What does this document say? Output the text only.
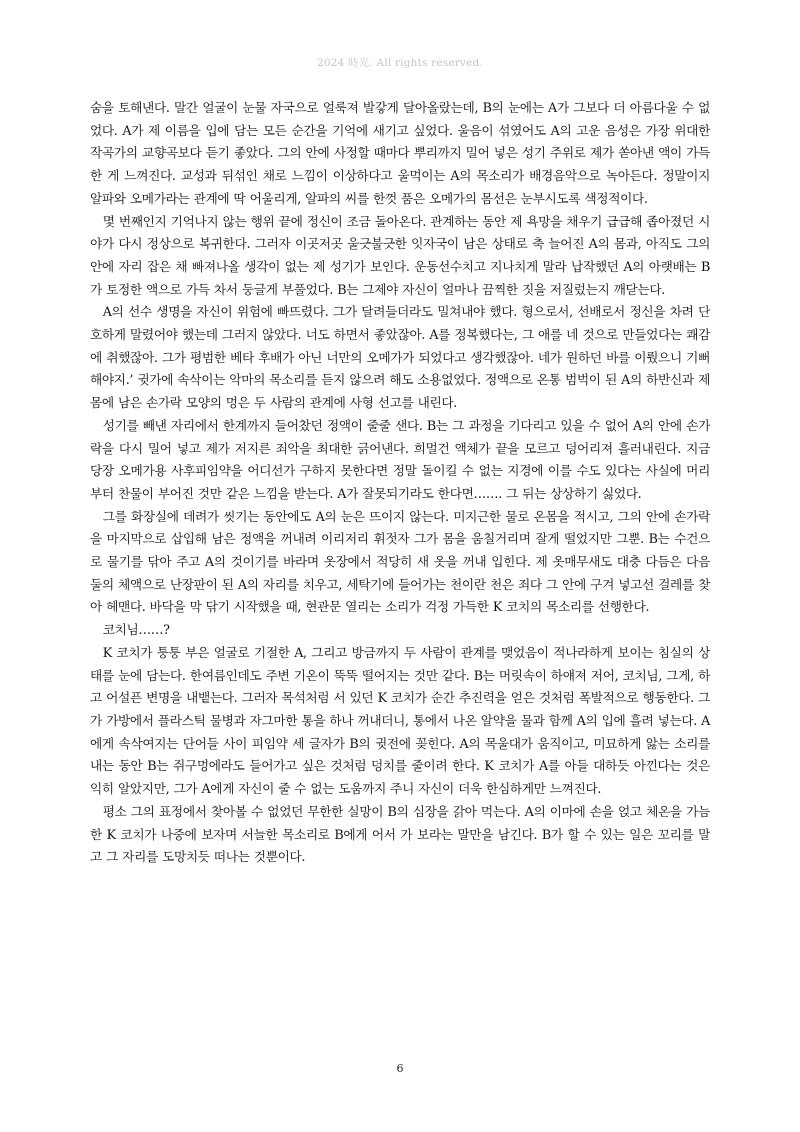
2024 時光. All rights reserved.

숨을 토해낸다. 말간 얼굴이 눈물 자국으로 얼룩져 발갛게 달아올랐는데, B의 눈에는 A가 그보다 더 아름다울 수 없었다. A가 제 이름을 입에 담는 모든 순간을 기억에 새기고 싶었다. 울음이 섞였어도 A의 고운 음성은 가장 위대한 작곡가의 교향곡보다 듣기 좋았다. 그의 안에 사정할 때마다 뿌리까지 밀어 넣은 성기 주위로 제가 쏟아낸 액이 가득 한 게 느껴진다. 교성과 뒤섞인 채로 느낌이 이상하다고 울먹이는 A의 목소리가 배경음악으로 녹아든다. 정말이지 알파와 오메가라는 관계에 딱 어울리게, 알파의 씨를 한껏 품은 오메가의 몸선은 눈부시도록 색정적이다.

몇 번째인지 기억나지 않는 행위 끝에 정신이 조금 돌아온다. 관계하는 동안 제 욕망을 채우기 급급해 좁아졌던 시야가 다시 정상으로 복귀한다. 그러자 이곳저곳 울긋불긋한 잇자국이 남은 상태로 축 늘어진 A의 몸과, 아직도 그의 안에 자리 잡은 채 빠져나올 생각이 없는 제 성기가 보인다. 운동선수치고 지나치게 말라 납작했던 A의 아랫배는 B가 토정한 액으로 가득 차서 둥글게 부풀었다. B는 그제야 자신이 얼마나 끔찍한 짓을 저질렀는지 깨닫는다.

A의 선수 생명을 자신이 위험에 빠뜨렸다. 그가 달려들더라도 밀쳐내야 했다. 형으로서, 선배로서 정신을 차려 단호하게 말렸어야 했는데 그러지 않았다. 너도 하면서 좋았잖아. A를 정복했다는, 그 애를 네 것으로 만들었다는 쾌감에 취했잖아. 그가 평범한 베타 후배가 아닌 너만의 오메가가 되었다고 생각했잖아. 네가 원하던 바를 이뤘으니 기뻐해야지.’ 귓가에 속삭이는 악마의 목소리를 듣지 않으려 해도 소용없었다. 정액으로 온통 범벅이 된 A의 하반신과 제 몸에 남은 손가락 모양의 멍은 두 사람의 관계에 사형 선고를 내린다.

성기를 빼낸 자리에서 한계까지 들어찼던 정액이 줄줄 샌다. B는 그 과정을 기다리고 있을 수 없어 A의 안에 손가락을 다시 밀어 넣고 제가 저지른 죄악을 최대한 긁어낸다. 희멀건 액체가 끝을 모르고 덩어리져 흘러내린다. 지금 당장 오메가용 사후피임약을 어디선가 구하지 못한다면 정말 돌이킬 수 없는 지경에 이를 수도 있다는 사실에 머리부터 찬물이 부어진 것만 같은 느낌을 받는다. A가 잘못되기라도 한다면……. 그 뒤는 상상하기 싫었다.

그를 화장실에 데려가 씻기는 동안에도 A의 눈은 뜨이지 않는다. 미지근한 물로 온몸을 적시고, 그의 안에 손가락을 마지막으로 삽입해 남은 정액을 꺼내려 이리저리 휘젓자 그가 몸을 움칠거리며 잘게 떨었지만 그뿐. B는 수건으로 물기를 닦아 주고 A의 것이기를 바라며 옷장에서 적당히 새 옷을 꺼내 입힌다. 제 옷매무새도 대충 다듬은 다음 둘의 체액으로 난장판이 된 A의 자리를 치우고, 세탁기에 들어가는 천이란 천은 죄다 그 안에 구겨 넣고선 걸레를 찾아 헤맨다. 바닥을 막 닦기 시작했을 때, 현관문 열리는 소리가 걱정 가득한 K 코치의 목소리를 선행한다.

코치님……?

K 코치가 퉁퉁 부은 얼굴로 기절한 A, 그리고 방금까지 두 사람이 관계를 맺었음이 적나라하게 보이는 침실의 상태를 눈에 담는다. 한여름인데도 주변 기온이 뚝뚝 떨어지는 것만 같다. B는 머릿속이 하얘져 저어, 코치님, 그게, 하고 어설픈 변명을 내뱉는다. 그러자 목석처럼 서 있던 K 코치가 순간 추진력을 얻은 것처럼 폭발적으로 행동한다. 그가 가방에서 플라스틱 물병과 자그마한 통을 하나 꺼내더니, 통에서 나온 알약을 물과 함께 A의 입에 흘려 넣는다. A에게 속삭여지는 단어들 사이 피임약 세 글자가 B의 귓전에 꽂힌다. A의 목울대가 움직이고, 미묘하게 앓는 소리를 내는 동안 B는 쥐구멍에라도 들어가고 싶은 것처럼 덩치를 줄이려 한다. K 코치가 A를 아들 대하듯 아낀다는 것은 익히 알았지만, 그가 A에게 자신이 줄 수 없는 도움까지 주니 자신이 더욱 한심하게만 느껴진다.

평소 그의 표정에서 찾아볼 수 없었던 무한한 실망이 B의 심장을 갉아 먹는다. A의 이마에 손을 얹고 체온을 가늠한 K 코치가 나중에 보자며 서늘한 목소리로 B에게 어서 가 보라는 말만을 남긴다. B가 할 수 있는 일은 꼬리를 말고 그 자리를 도망치듯 떠나는 것뿐이다.

6
